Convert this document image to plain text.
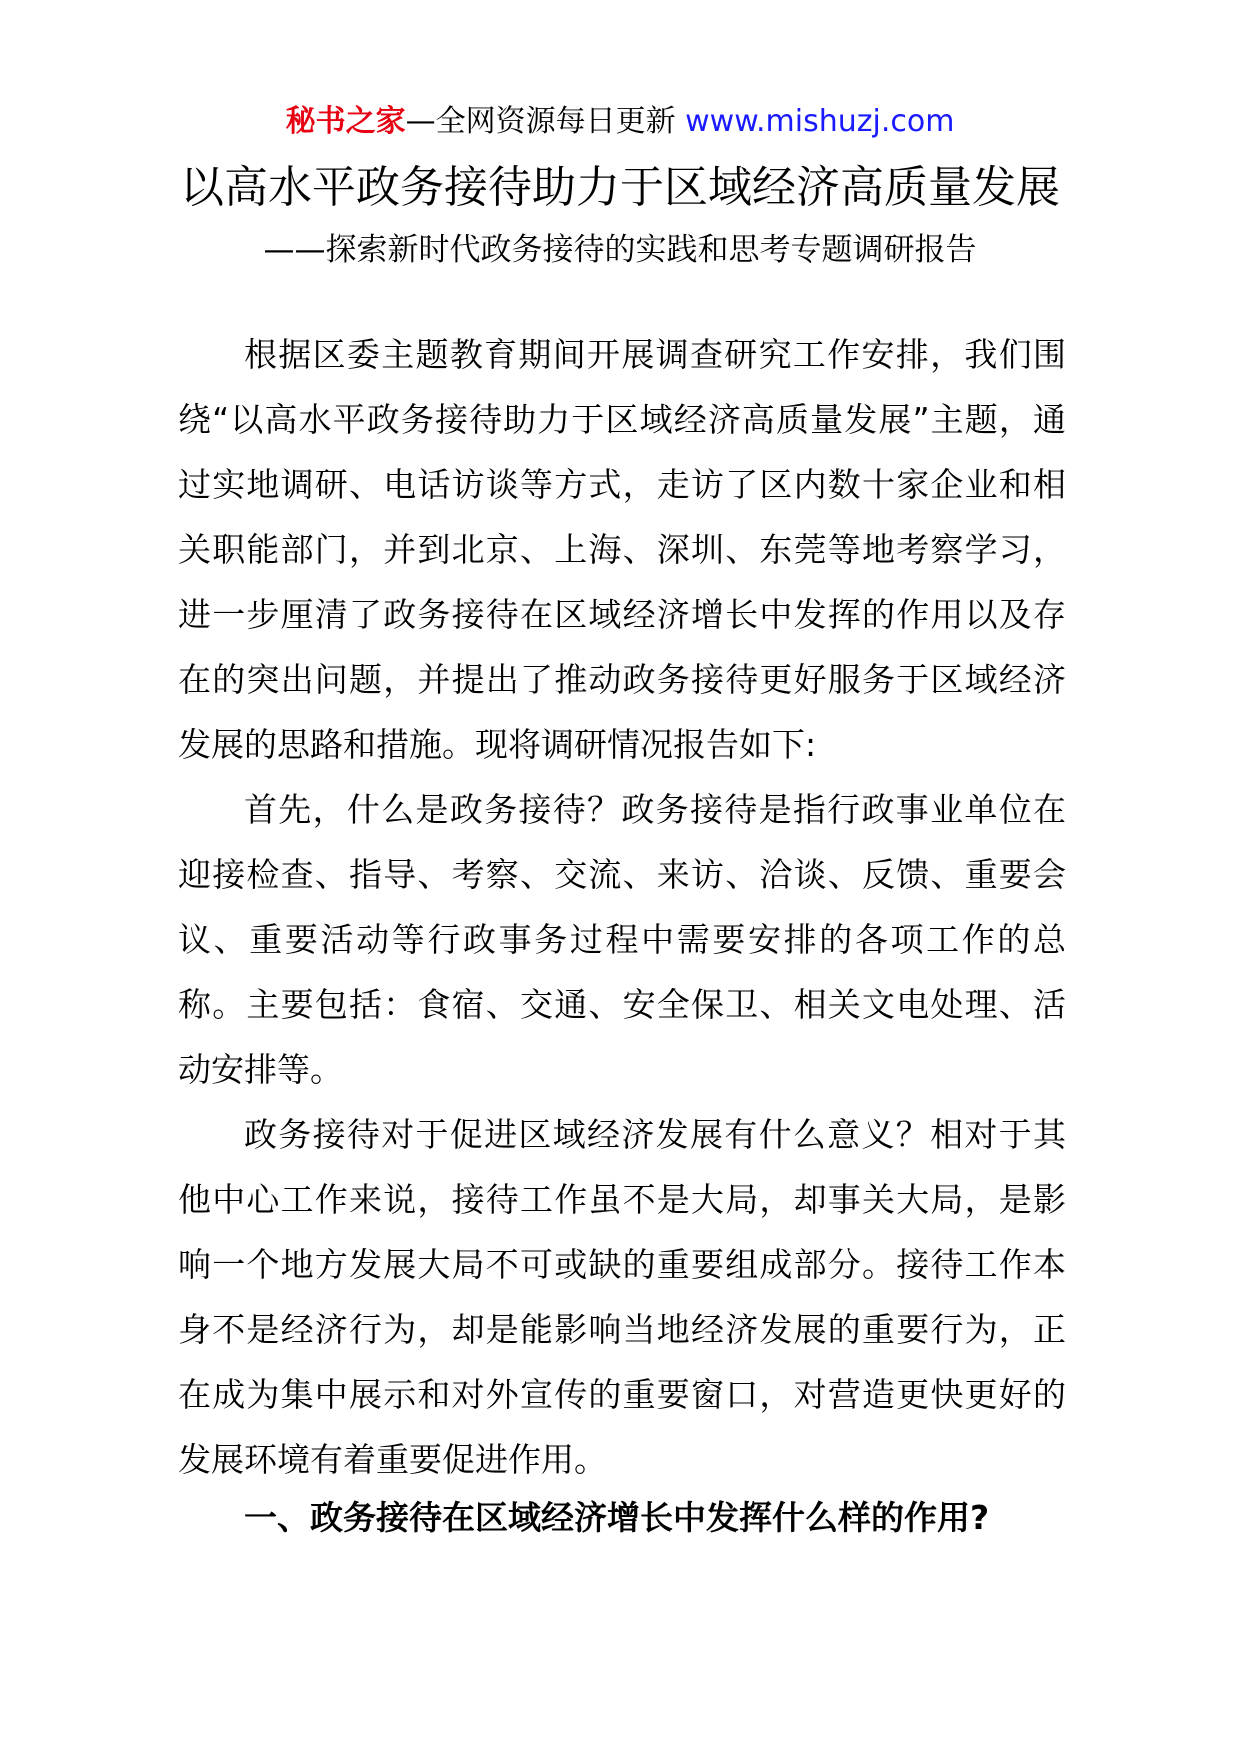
秘书之家—全网资源每日更新 www.mishuzj.com
以高水平政务接待助力于区域经济高质量发展
——探索新时代政务接待的实践和思考专题调研报告

根据区委主题教育期间开展调查研究工作安排，我们围绕“以高水平政务接待助力于区域经济高质量发展”主题，通过实地调研、电话访谈等方式，走访了区内数十家企业和相关职能部门，并到北京、上海、深圳、东莞等地考察学习，进一步厘清了政务接待在区域经济增长中发挥的作用以及存在的突出问题，并提出了推动政务接待更好服务于区域经济发展的思路和措施。现将调研情况报告如下:

首先，什么是政务接待？政务接待是指行政事业单位在迎接检查、指导、考察、交流、来访、洽谈、反馈、重要会议、重要活动等行政事务过程中需要安排的各项工作的总称。主要包括：食宿、交通、安全保卫、相关文电处理、活动安排等。

政务接待对于促进区域经济发展有什么意义？相对于其他中心工作来说，接待工作虽不是大局，却事关大局，是影响一个地方发展大局不可或缺的重要组成部分。接待工作本身不是经济行为，却是能影响当地经济发展的重要行为，正在成为集中展示和对外宣传的重要窗口，对营造更快更好的发展环境有着重要促进作用。

一、政务接待在区域经济增长中发挥什么样的作用?
